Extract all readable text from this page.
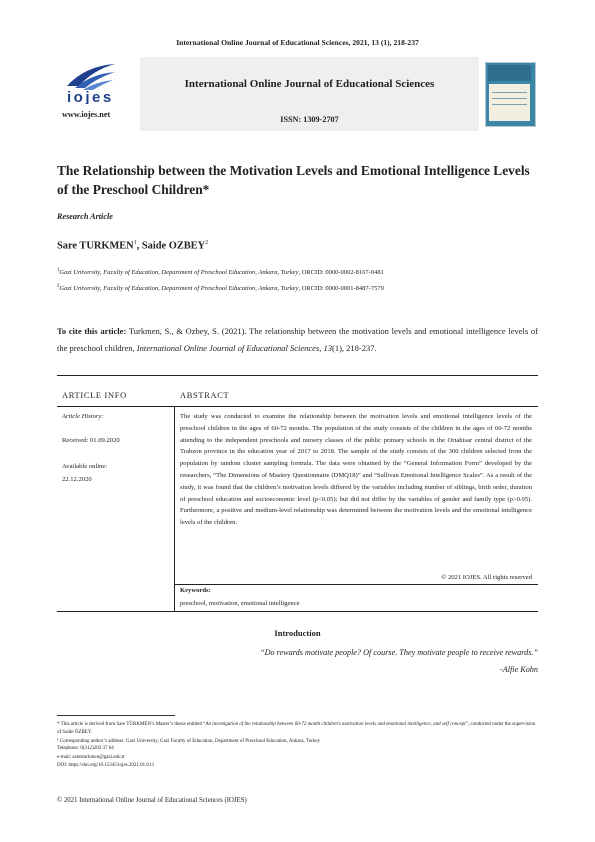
International Online Journal of Educational Sciences, 2021, 13 (1), 218-237
iojes
www.iojes.net
International Online Journal of Educational Sciences
ISSN: 1309-2707
The Relationship between the Motivation Levels and Emotional Intelligence Levels of the Preschool Children*
Research Article
Sare TURKMEN$^1$, Saide OZBEY$^2$
$^1$Gazi University, Faculty of Education, Department of Preschool Education, Ankara, Turkey, ORCID: 0000-0002-8167-0481
$^2$Gazi University, Faculty of Education, Department of Preschool Education, Ankara, Turkey, ORCID: 0000-0001-8487-7579
To cite this article: Turkmen, S., & Ozbey, S. (2021). The relationship between the motivation levels and emotional intelligence levels of the preschool children, International Online Journal of Educational Sciences, 13(1), 218-237.
ARTICLE INFO	ABSTRACT
Article History:
Received: 01.09.2020
Available online:
22.12.2020
The study was conducted to examine the relationship between the motivation levels and emotional intelligence levels of the preschool children in the ages of 60-72 months. The population of the study consists of the children in the ages of 60-72 months attending to the independent preschools and nursery classes of the public primary schools in the Ortahisar central district of the Trabzon province in the education year of 2017 to 2018. The sample of the study consists of the 300 children selected from the population by random cluster sampling formula. The data were obtained by the “General Information Form” developed by the researchers, “The Dimensions of Mastery Questionnaire (DMQ18)” and “Sullivan Emotional Intelligence Scales”. As a result of the study, it was found that the children’s motivation levels differed by the variables including number of siblings, birth order, duration of preschool education and socioeconomic level (p<0.05); but did not differ by the variables of gender and family type (p>0.05). Furthermore, a positive and medium-level relationship was determined between the motivation levels and the emotional intelligence levels of the children.
© 2021 IOJES. All rights reserved
Keywords:
preschool, motivation, emotional intelligence
Introduction
“Do rewards motivate people? Of course. They motivate people to receive rewards.”
-Alfie Kohn
* This article is derived from Sare TÜRKMEN’s Master’s thesis entitled “An investigation of the relationship between 60-72 month children’s motivation levels and emotional intelligence, and self concept”, conducted under the supervision of Saide ÖZBEY.
¹ Corresponding author’s address: Gazi University, Gazi Faculty of Education, Department of Preschool Education, Ankara, Turkey
Telephone: 0(312)202 37 64
e-mail: saresturkmen@gazi.edu.tr
DOI: https://doi.org/10.15345/iojes.2021.01.013
© 2021 International Online Journal of Educational Sciences (IOJES)
